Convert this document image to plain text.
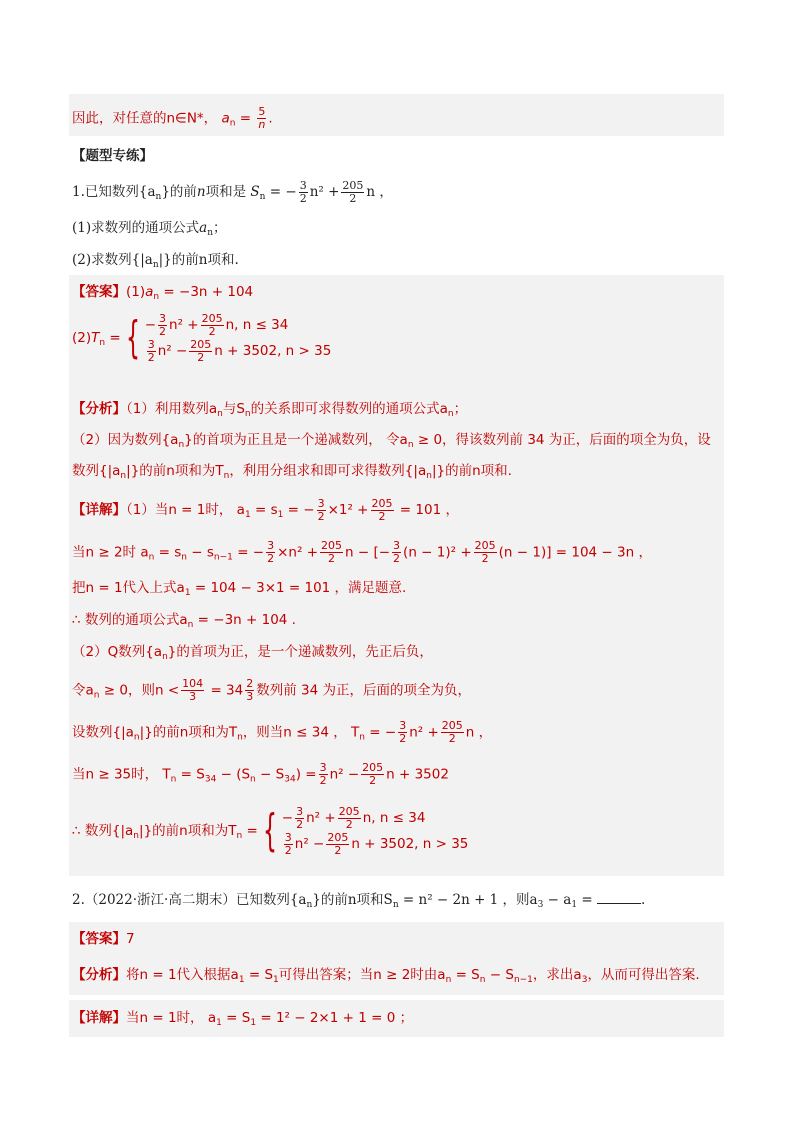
因此，对任意的n∈N*， $a_n = \frac{5}{n}$ .
【题型专练】
1.已知数列$\{a_n\}$的前n项和是 $S_n$ = − $\frac{3}{2} n^2 + \frac{205}{2}$ n ，
(1)求数列的通项公式$a_n$；
(2)求数列$\{|a_n|\}$的前n项和.
【答案】$(1)a_n = -3n + 104$
$(2)T_n$ = { − $\frac{3}{2} n^2 + \frac{205}{2} n$, n ≤ 34
$\frac{3}{2} n^2 - \frac{205}{2}$ n + 3502, n > 35
【分析】（1）利用数列$a_n$与$S_n$的关系即可求得数列的通项公式$a_n$；
（2）因为数列$\{a_n\}$的首项为正且是一个递减数列， 令$a_n \ge 0$，得该数列前 34 为正，后面的项全为负，设
数列$\{|a_n|\}$的前n项和为$T_n$，利用分组求和即可求得数列$\{|a_n|\}$的前n项和.
【详解】（1）当n = 1时， $a_1 = s_1$ = − $\frac{3}{2} \times 1^2 + \frac{205}{2} = 101$ ，
当n ≥ 2时 $a_n = s_n - s_{n-1}$ = − $\frac{3}{2} \times n^2 + \frac{205}{2}$ n − [− $\frac{3}{2} (n - 1)^2 + \frac{205}{2} (n - 1)] = 104 - 3n$ ，
把n = 1代入上式$a_1 = 104 - 3\times 1 = 101$ ，满足题意.
∴ 数列的通项公式$a_n = -3n + 104$ .
（2）Q数列$\{a_n\}$的首项为正，是一个递减数列，先正后负，
令$a_n \ge 0$，则$n < \frac{104}{3} = 34 \frac{2}{3}$ 数列前 34 为正，后面的项全为负，
设数列$\{|a_n|\}$的前n项和为$T_n$，则当n ≤ 34 ， $T_n$ = − $\frac{3}{2} n^2 + \frac{205}{2}$ n ，
当n ≥ 35时， $T_n = S_{34} - (S_n - S_{34}) = \frac{3}{2} n^2 - \frac{205}{2}$ n + 3502
∴ 数列$\{|a_n|\}$的前n项和为$T_n$ = { − $\frac{3}{2} n^2 + \frac{205}{2} n$, n ≤ 34
$\frac{3}{2} n^2 - \frac{205}{2}$ n + 3502, n > 35
2.（2022·浙江·高二期末）已知数列$\{a_n\}$的前n项和$S_n = n^2 - 2n + 1$ ，则$a_3 - a_1$ =	.
【答案】7
【分析】将n = 1代入根据$a_1 = S_1$可得出答案；当n ≥ 2时由$a_n = S_n - S_{n-1}$，求出$a_3$，从而可得出答案.
【详解】当n = 1时， $a_1 = S_1 = 1^2 - 2\times 1 + 1 = 0$ ；
